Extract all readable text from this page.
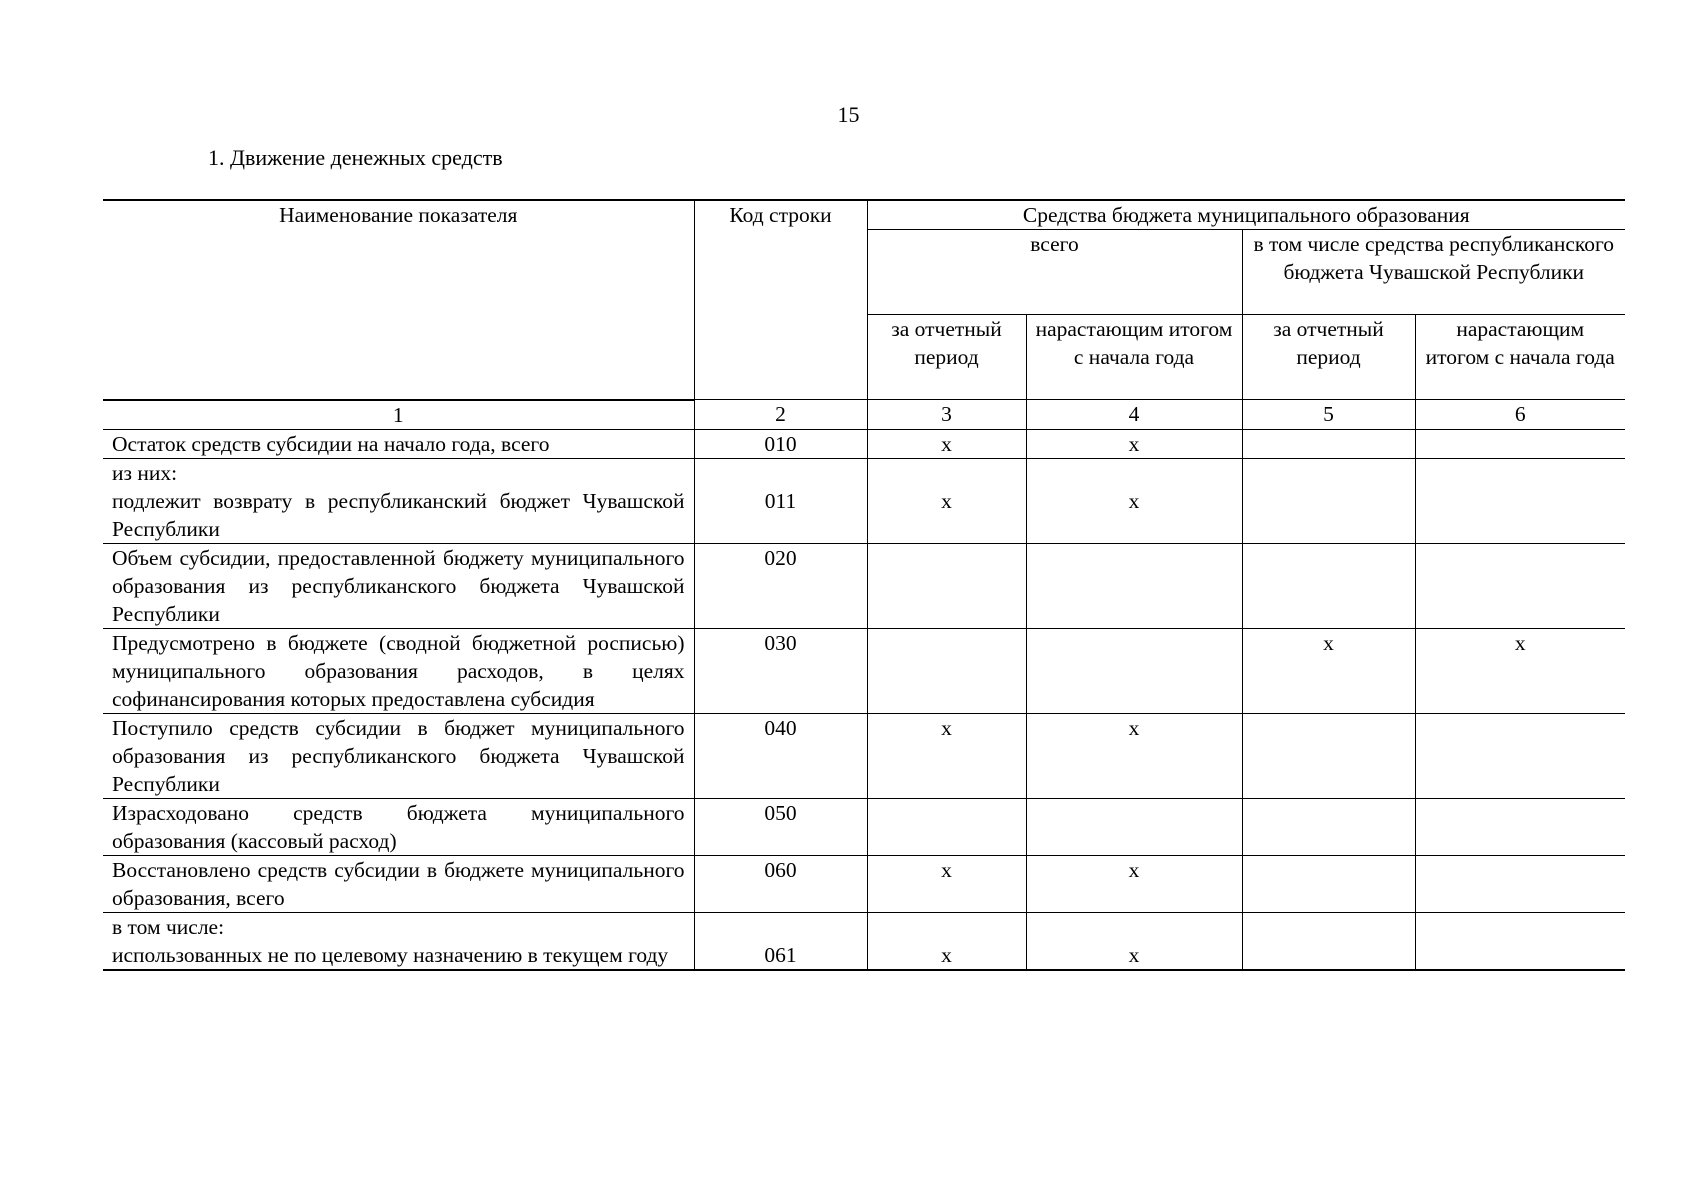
15
1. Движение денежных средств
Наименование показателя	Код строки	Средства бюджета муниципального образования			
		всего		в том числе средства республиканского бюджета Чувашской Республики	
		за отчетный период	нарастающим итогом с начала года	за отчетный период	нарастающим итогом с начала года
1	2	3	4	5	6
Остаток средств субсидии на начало года, всего	010	x	x		

из них:
подлежит возврату в республиканский бюджет Чувашской Республики	011	x	x		
Объем субсидии, предоставленной бюджету муниципального образования из республиканского бюджета Чувашской Республики	020				
Предусмотрено в бюджете (сводной бюджетной росписью) муниципального образования расходов, в целях софинансирования которых предоставлена субсидия	030			x	x
Поступило средств субсидии в бюджет муниципального образования из республиканского бюджета Чувашской Республики	040	x	x		
Израсходовано средств бюджета муниципального образования (кассовый расход)	050				
Восстановлено средств субсидии в бюджете муниципального образования, всего	060	x	x		

в том числе:
использованных не по целевому назначению в текущем году	061	x	x		
